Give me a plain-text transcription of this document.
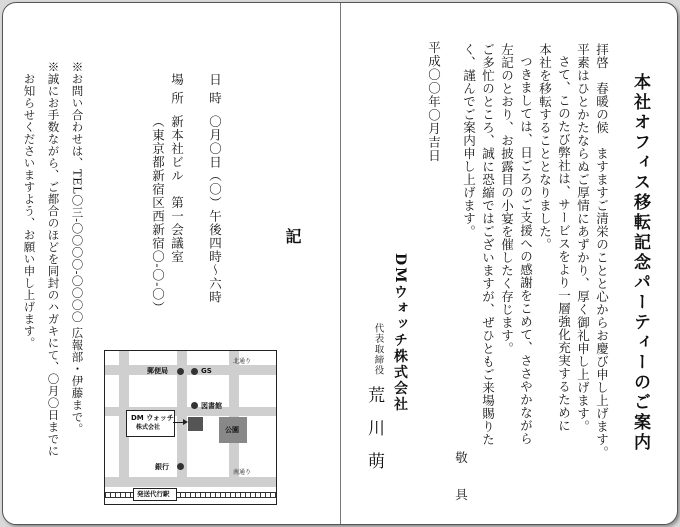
本社オフィス移転記念パーティーのご案内
拝啓　春暖の候　ますますご清栄のことと心からお慶び申し上げます。
平素はひとかたならぬご厚情にあずかり、厚く御礼申し上げます。
さて、このたび弊社は、サービスをより一層強化充実するために
本社を移転することとなりました。
つきましては、日ごろのご支援への感謝をこめて、ささやかながら
左記のとおり、お披露目の小宴を催したく存じます。
ご多忙のところ、誠に恐縮ではございますが、ぜひともご来場賜りた
く、謹んでご案内申し上げます。
敬　具
平成〇〇年〇月吉日
DMウォッチ株式会社
代表取締役
荒川萌
記
日時
〇月〇日（〇）午後四時～六時
場所
新本社ビル　第一会議室
（東京都新宿区西新宿〇-〇-〇）
※お問い合わせは、TEL〇三-〇〇〇〇-〇〇〇〇 広報部・伊藤まで。
※誠にお手数ながら、ご都合のほどを同封のハガキにて、〇月〇日までに
　お知らせくださいますよう、お願い申し上げます。
北通り
南通り
郵便局	GS
図書館
DM ウォッチ
株式会社	公園
銀行
発送代行駅
